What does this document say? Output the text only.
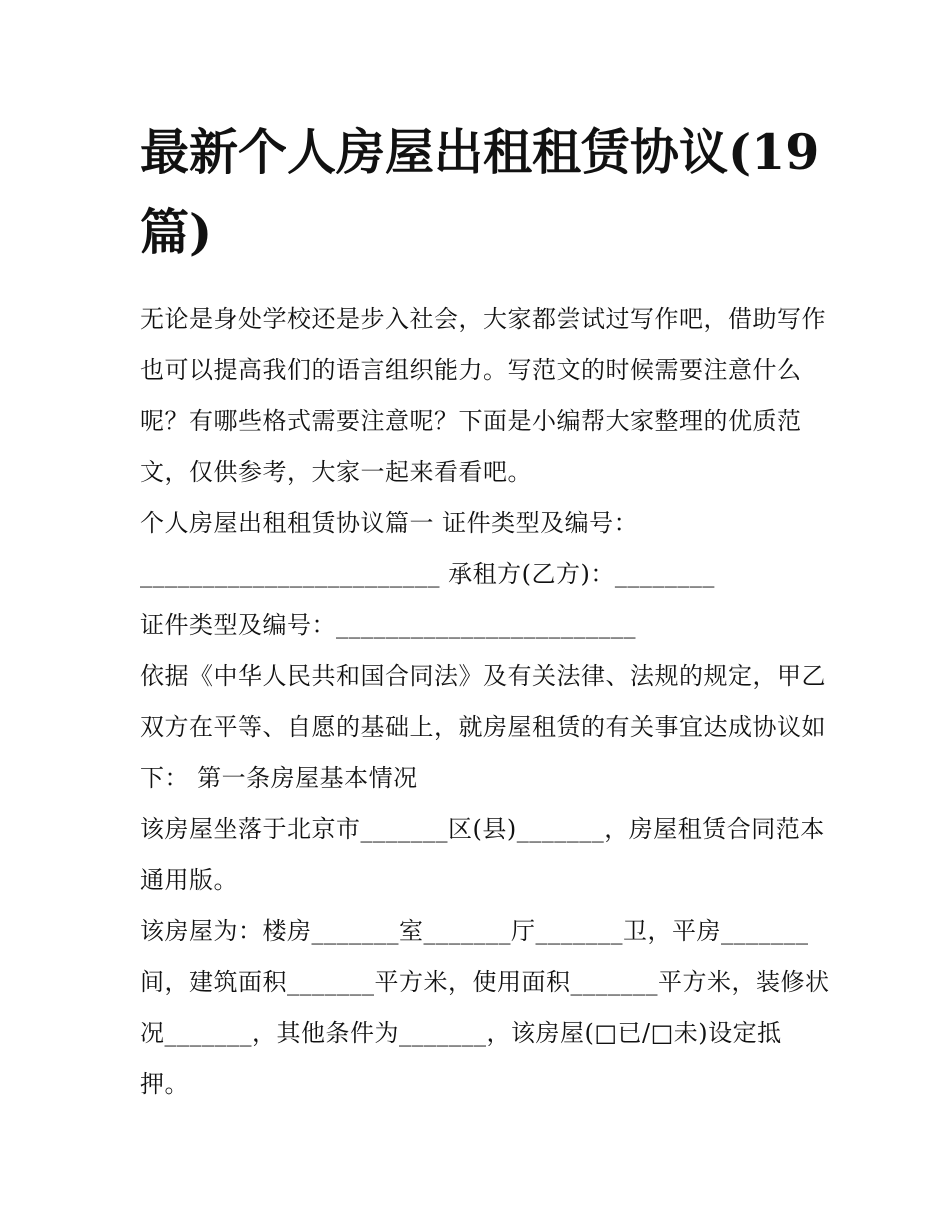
最新个人房屋出租租赁协议(19篇)

无论是身处学校还是步入社会，大家都尝试过写作吧，借助写作也可以提高我们的语言组织能力。写范文的时候需要注意什么呢？有哪些格式需要注意呢？下面是小编帮大家整理的优质范文，仅供参考，大家一起来看看吧。

个人房屋出租租赁协议篇一 证件类型及编号：

________________________ 承租方(乙方)：________

证件类型及编号：________________________

依据《中华人民共和国合同法》及有关法律、法规的规定，甲乙双方在平等、自愿的基础上，就房屋租赁的有关事宜达成协议如下： 第一条房屋基本情况

该房屋坐落于北京市_______区(县)_______，房屋租赁合同范本通用版。

该房屋为：楼房_______室_______厅_______卫，平房_______间，建筑面积_______平方米，使用面积_______平方米，装修状况_______，其他条件为_______，该房屋(□已/□未)设定抵押。
